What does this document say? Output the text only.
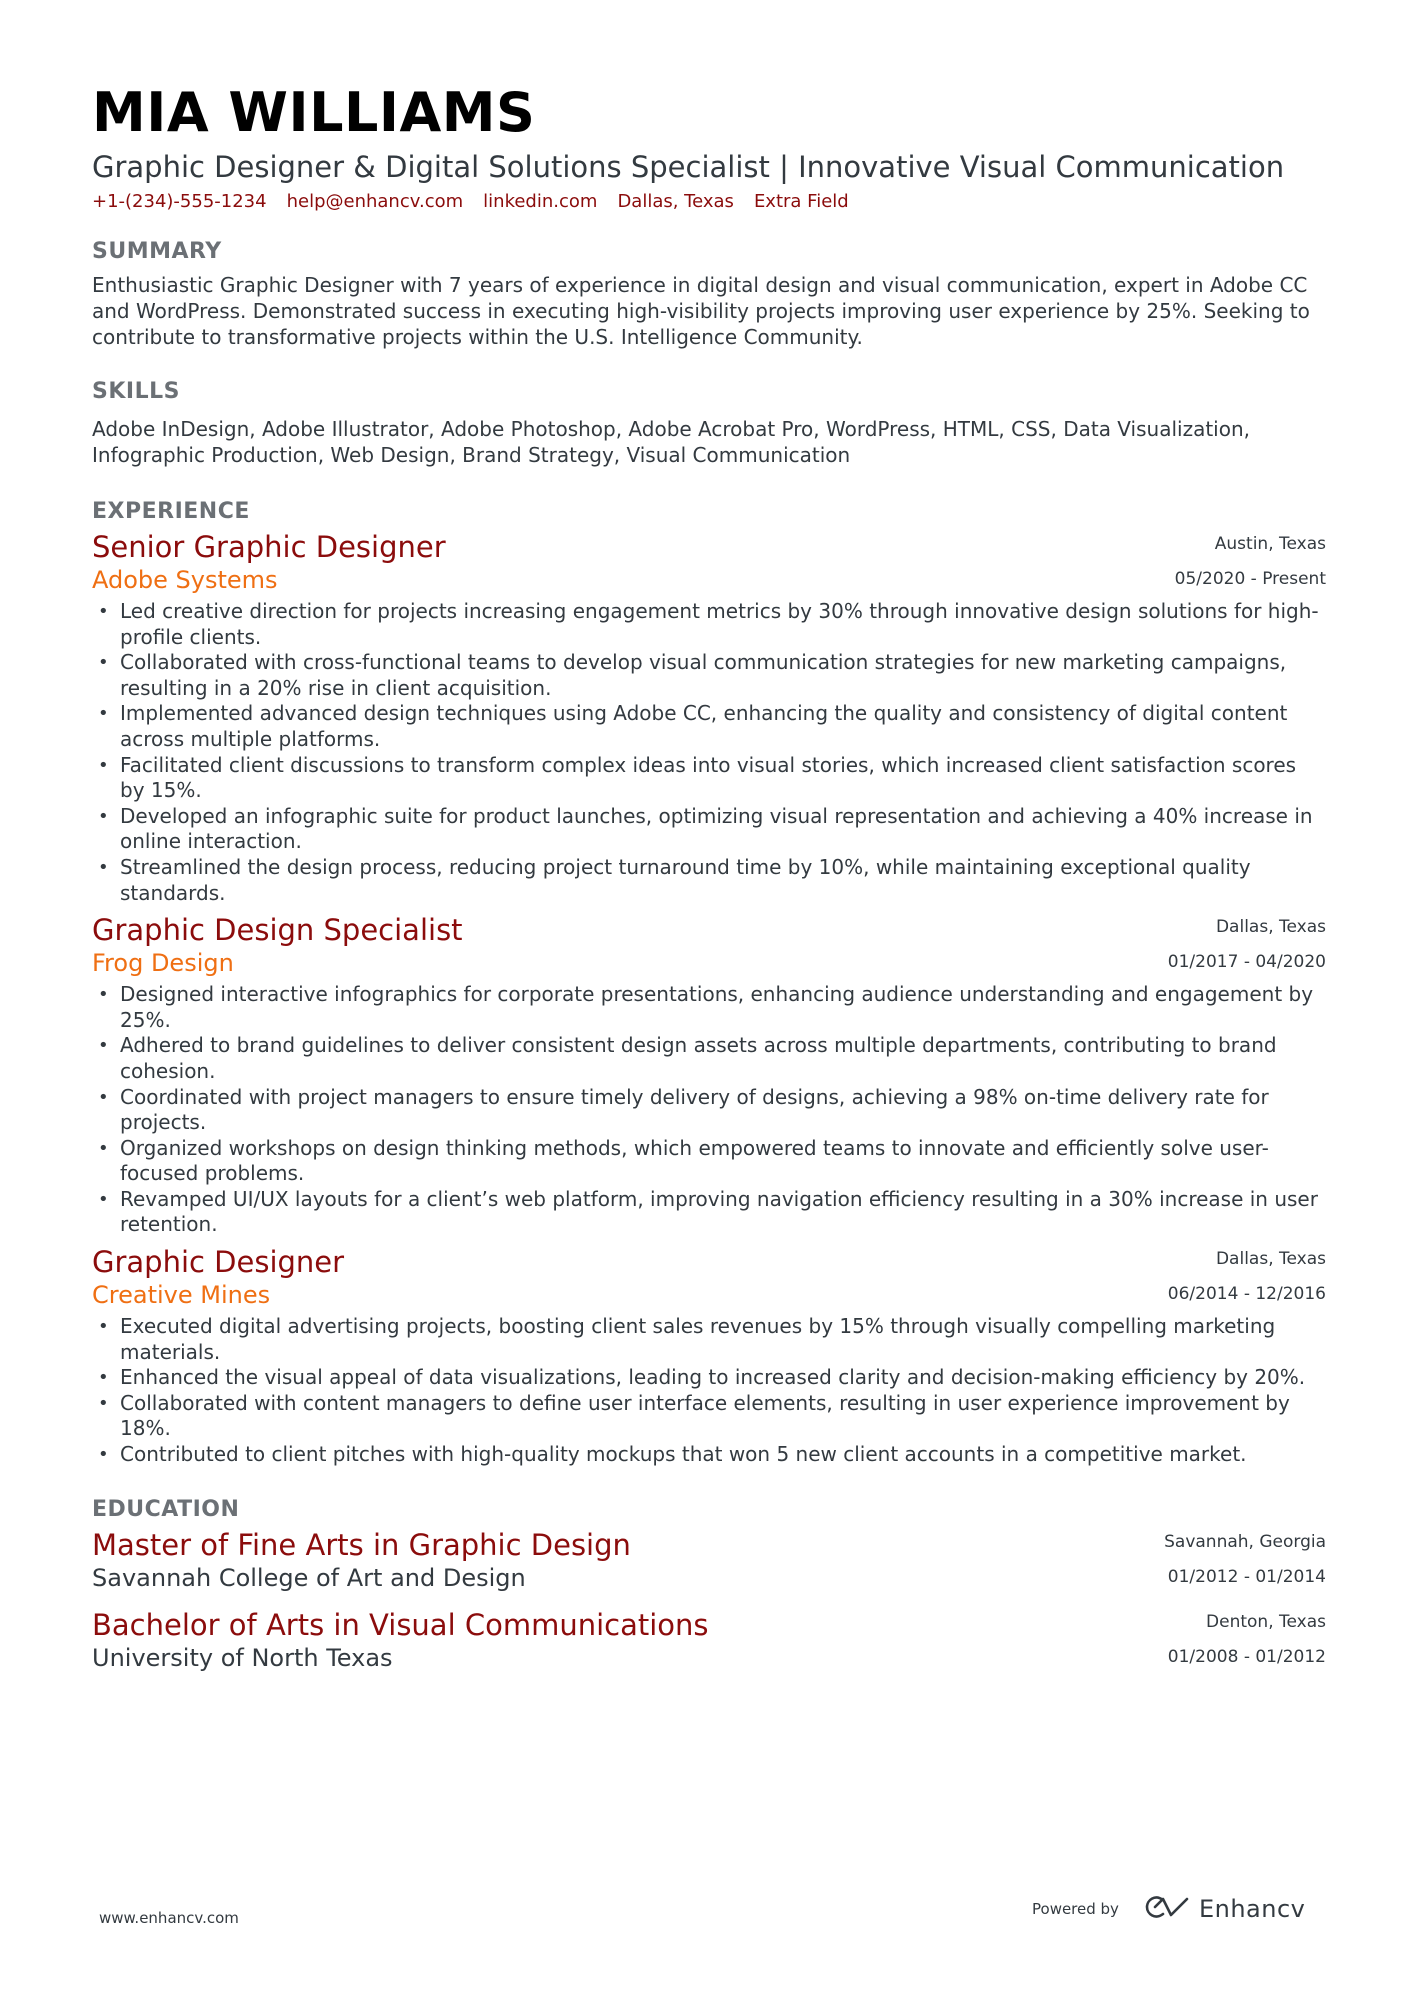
MIA WILLIAMS
Graphic Designer & Digital Solutions Specialist | Innovative Visual Communication
+1-(234)-555-1234 help@enhancv.com linkedin.com Dallas, Texas Extra Field
SUMMARY
Enthusiastic Graphic Designer with 7 years of experience in digital design and visual communication, expert in Adobe CC and WordPress. Demonstrated success in executing high-visibility projects improving user experience by 25%. Seeking to contribute to transformative projects within the U.S. Intelligence Community.
SKILLS
Adobe InDesign, Adobe Illustrator, Adobe Photoshop, Adobe Acrobat Pro, WordPress, HTML, CSS, Data Visualization, Infographic Production, Web Design, Brand Strategy, Visual Communication
EXPERIENCE
Senior Graphic Designer
Adobe Systems
Austin, Texas
05/2020 - Present
• Led creative direction for projects increasing engagement metrics by 30% through innovative design solutions for high-profile clients.
• Collaborated with cross-functional teams to develop visual communication strategies for new marketing campaigns, resulting in a 20% rise in client acquisition.
• Implemented advanced design techniques using Adobe CC, enhancing the quality and consistency of digital content across multiple platforms.
• Facilitated client discussions to transform complex ideas into visual stories, which increased client satisfaction scores by 15%.
• Developed an infographic suite for product launches, optimizing visual representation and achieving a 40% increase in online interaction.
• Streamlined the design process, reducing project turnaround time by 10%, while maintaining exceptional quality standards.
Graphic Design Specialist
Frog Design
Dallas, Texas
01/2017 - 04/2020
• Designed interactive infographics for corporate presentations, enhancing audience understanding and engagement by 25%.
• Adhered to brand guidelines to deliver consistent design assets across multiple departments, contributing to brand cohesion.
• Coordinated with project managers to ensure timely delivery of designs, achieving a 98% on-time delivery rate for projects.
• Organized workshops on design thinking methods, which empowered teams to innovate and efficiently solve user-focused problems.
• Revamped UI/UX layouts for a client’s web platform, improving navigation efficiency resulting in a 30% increase in user retention.
Graphic Designer
Creative Mines
Dallas, Texas
06/2014 - 12/2016
• Executed digital advertising projects, boosting client sales revenues by 15% through visually compelling marketing materials.
• Enhanced the visual appeal of data visualizations, leading to increased clarity and decision-making efficiency by 20%.
• Collaborated with content managers to define user interface elements, resulting in user experience improvement by 18%.
• Contributed to client pitches with high-quality mockups that won 5 new client accounts in a competitive market.
EDUCATION
Master of Fine Arts in Graphic Design
Savannah College of Art and Design
Savannah, Georgia
01/2012 - 01/2014
Bachelor of Arts in Visual Communications
University of North Texas
Denton, Texas
01/2008 - 01/2012
www.enhancv.com	Powered by	Enhancv
